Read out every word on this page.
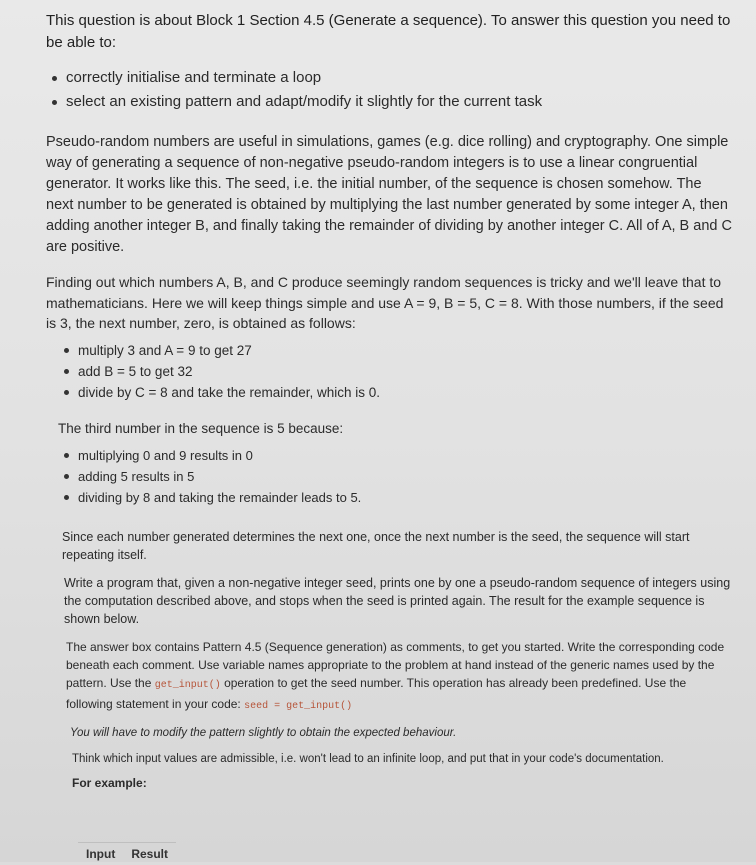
This question is about Block 1 Section 4.5 (Generate a sequence). To answer this question you need to be able to:

correctly initialise and terminate a loop
select an existing pattern and adapt/modify it slightly for the current task

Pseudo-random numbers are useful in simulations, games (e.g. dice rolling) and cryptography. One simple way of generating a sequence of non-negative pseudo-random integers is to use a linear congruential generator. It works like this. The seed, i.e. the initial number, of the sequence is chosen somehow. The next number to be generated is obtained by multiplying the last number generated by some integer A, then adding another integer B, and finally taking the remainder of dividing by another integer C. All of A, B and C are positive.

Finding out which numbers A, B, and C produce seemingly random sequences is tricky and we'll leave that to mathematicians. Here we will keep things simple and use A = 9, B = 5, C = 8. With those numbers, if the seed is 3, the next number, zero, is obtained as follows:

multiply 3 and A = 9 to get 27
add B = 5 to get 32
divide by C = 8 and take the remainder, which is 0.

The third number in the sequence is 5 because:

multiplying 0 and 9 results in 0
adding 5 results in 5
dividing by 8 and taking the remainder leads to 5.

Since each number generated determines the next one, once the next number is the seed, the sequence will start repeating itself.

Write a program that, given a non-negative integer seed, prints one by one a pseudo-random sequence of integers using the computation described above, and stops when the seed is printed again. The result for the example sequence is shown below.

The answer box contains Pattern 4.5 (Sequence generation) as comments, to get you started. Write the corresponding code beneath each comment. Use variable names appropriate to the problem at hand instead of the generic names used by the pattern. Use the get_input() operation to get the seed number. This operation has already been predefined. Use the following statement in your code: seed = get_input()

You will have to modify the pattern slightly to obtain the expected behaviour.

Think which input values are admissible, i.e. won't lead to an infinite loop, and put that in your code's documentation.

For example:

Input	Result
